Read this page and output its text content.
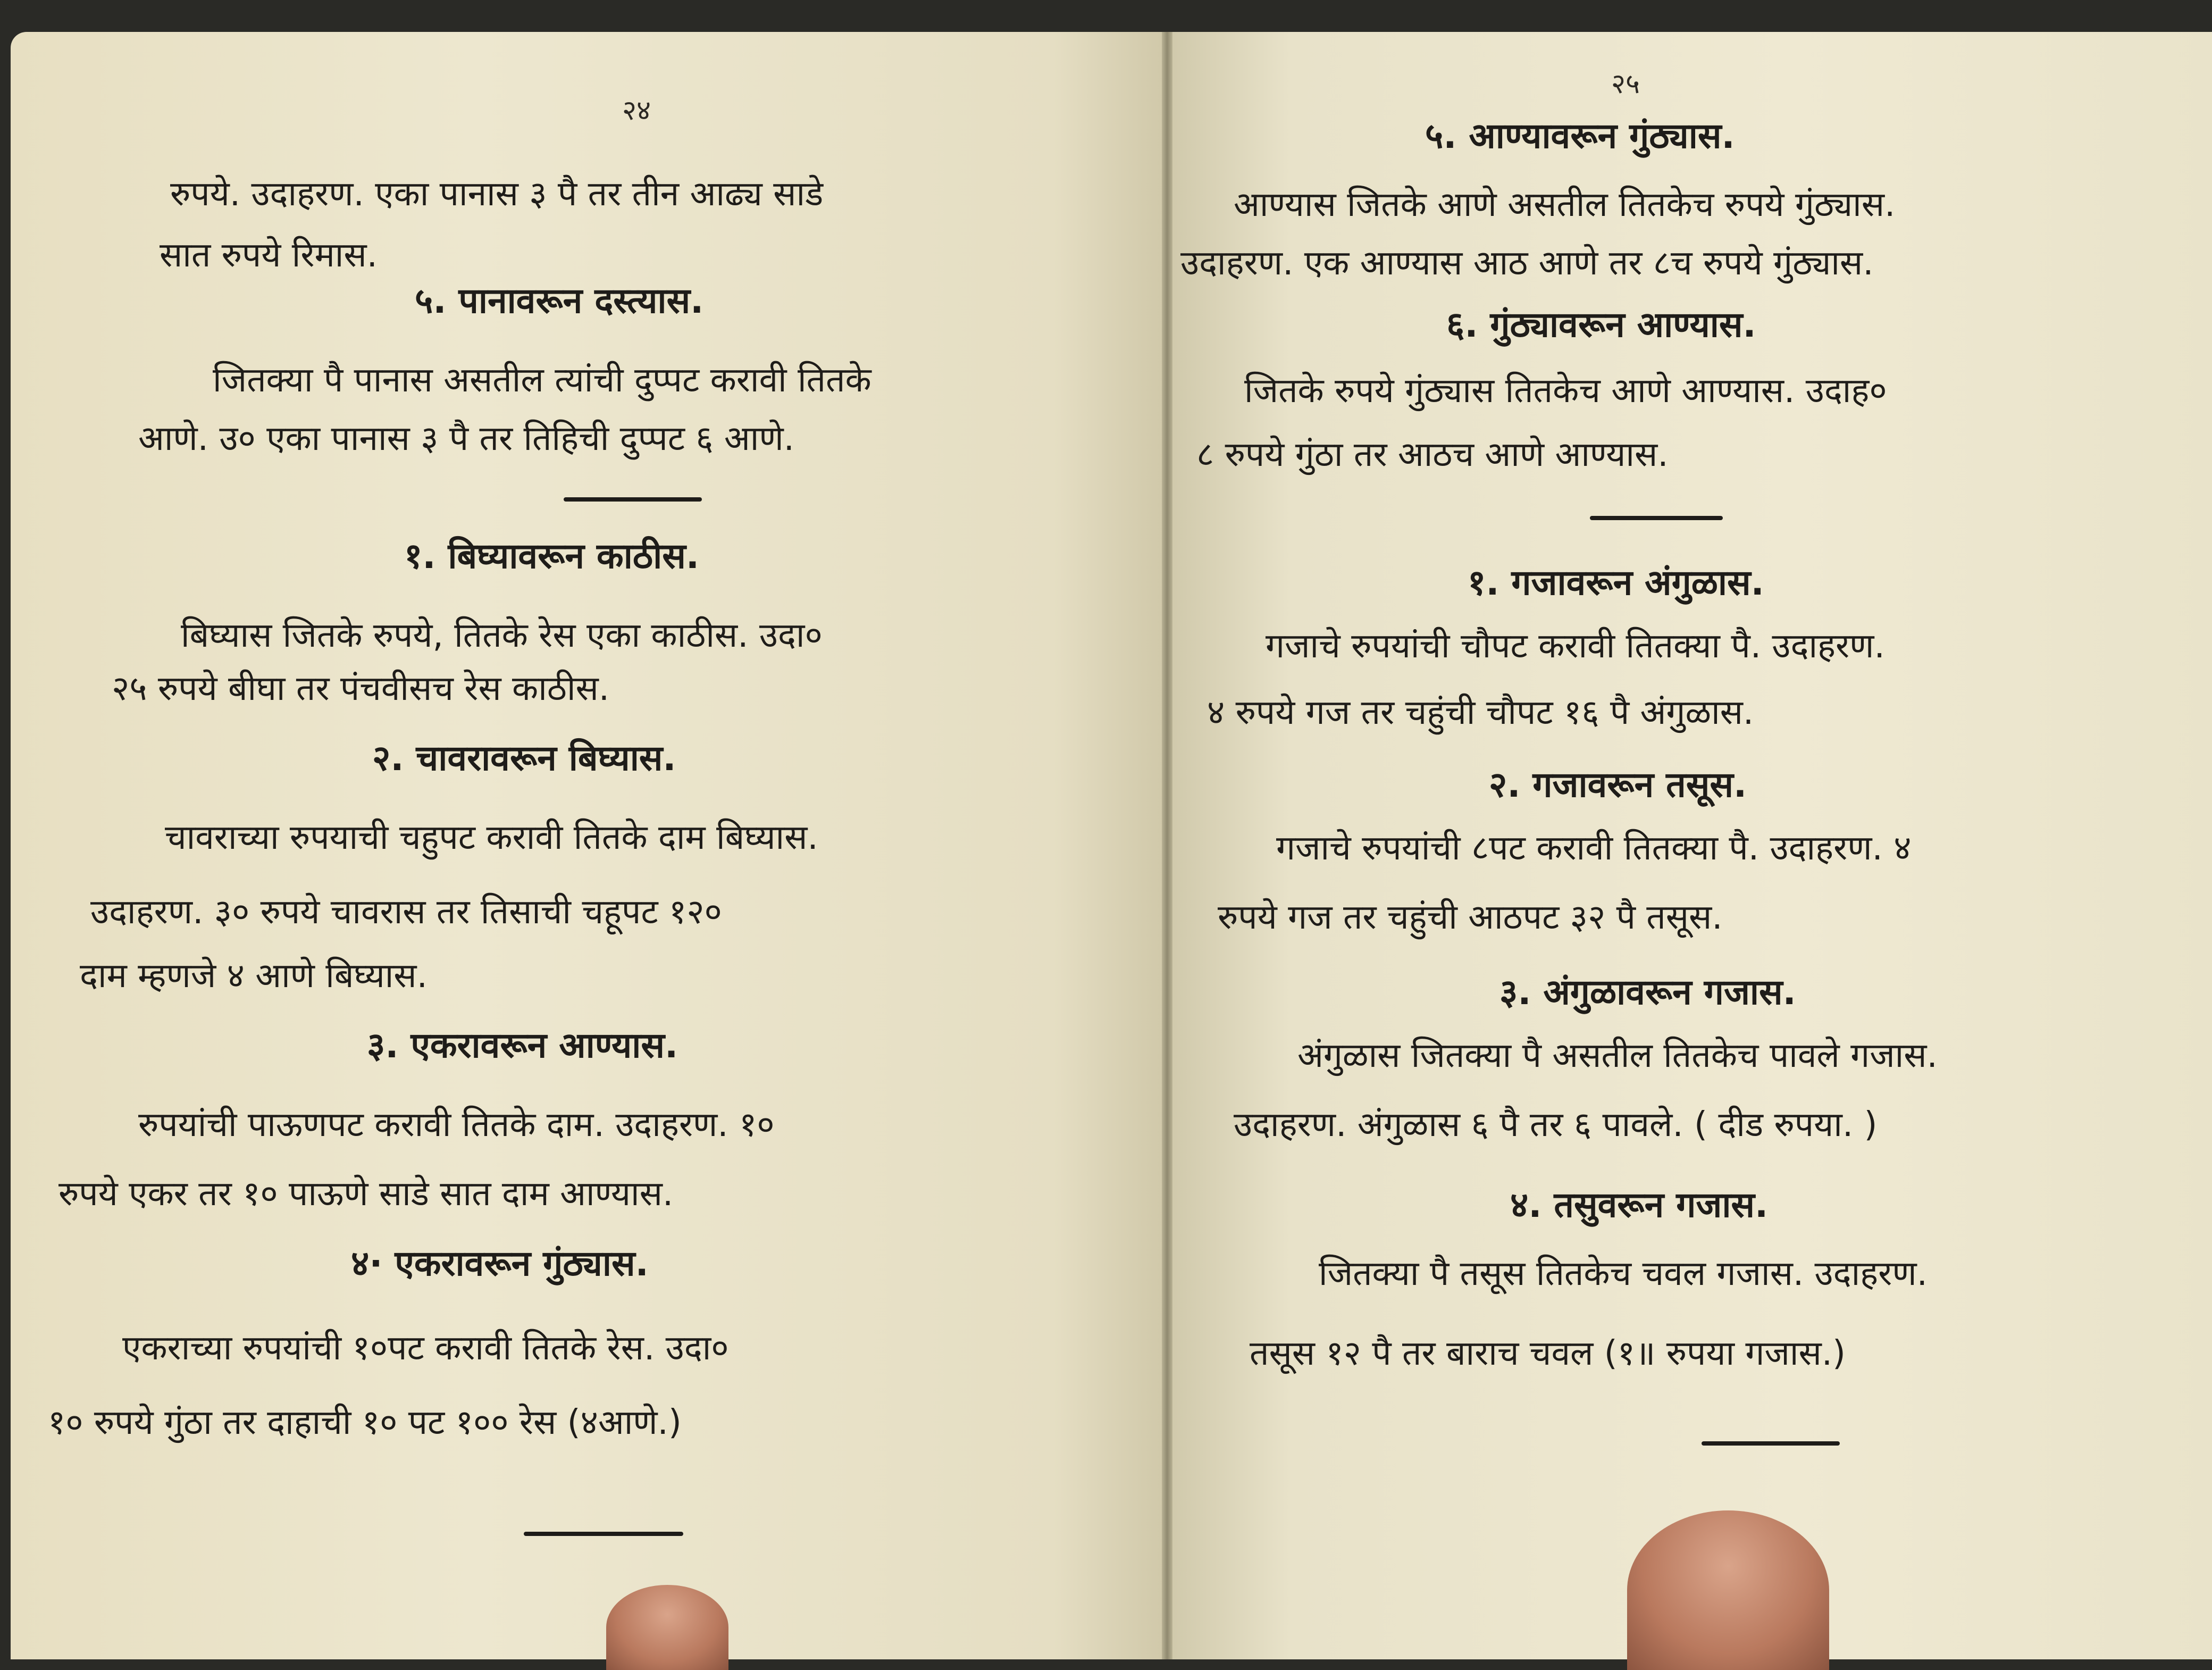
२४
रुपये. उदाहरण. एका पानास ३ पै तर तीन आढ्य साडे
सात रुपये रिमास.
५. पानावरून दस्त्यास.
जितक्या पै पानास असतील त्यांची दुप्पट करावी तितके
आणे. उ० एका पानास ३ पै तर तिहिची दुप्पट ६ आणे.
१. बिघ्यावरून काठीस.
बिघ्यास जितके रुपये, तितके रेस एका काठीस. उदा०
२५ रुपये बीघा तर पंचवीसच रेस काठीस.
२. चावरावरून बिघ्यास.
चावराच्या रुपयाची चहुपट करावी तितके दाम बिघ्यास.
उदाहरण. ३० रुपये चावरास तर तिसाची चहूपट १२०
दाम म्हणजे ४ आणे बिघ्यास.
३. एकरावरून आण्यास.
रुपयांची पाऊणपट करावी तितके दाम. उदाहरण. १०
रुपये एकर तर १० पाऊणे साडे सात दाम आण्यास.
४· एकरावरून गुंठ्यास.
एकराच्या रुपयांची १०पट करावी तितके रेस. उदा०
१० रुपये गुंठा तर दाहाची १० पट १०० रेस (४आणे.)
२५
५. आण्यावरून गुंठ्यास.
आण्यास जितके आणे असतील तितकेच रुपये गुंठ्यास.
उदाहरण. एक आण्यास आठ आणे तर ८च रुपये गुंठ्यास.
६. गुंठ्यावरून आण्यास.
जितके रुपये गुंठ्यास तितकेच आणे आण्यास. उदाह०
८ रुपये गुंठा तर आठच आणे आण्यास.
१. गजावरून अंगुळास.
गजाचे रुपयांची चौपट करावी तितक्या पै. उदाहरण.
४ रुपये गज तर चहुंची चौपट १६ पै अंगुळास.
२. गजावरून तसूस.
गजाचे रुपयांची ८पट करावी तितक्या पै. उदाहरण. ४
रुपये गज तर चहुंची आठपट ३२ पै तसूस.
३. अंगुळावरून गजास.
अंगुळास जितक्या पै असतील तितकेच पावले गजास.
उदाहरण. अंगुळास ६ पै तर ६ पावले. ( दीड रुपया. )
४. तसुवरून गजास.
जितक्या पै तसूस तितकेच चवल गजास. उदाहरण.
तसूस १२ पै तर बाराच चवल (१॥ रुपया गजास.)
